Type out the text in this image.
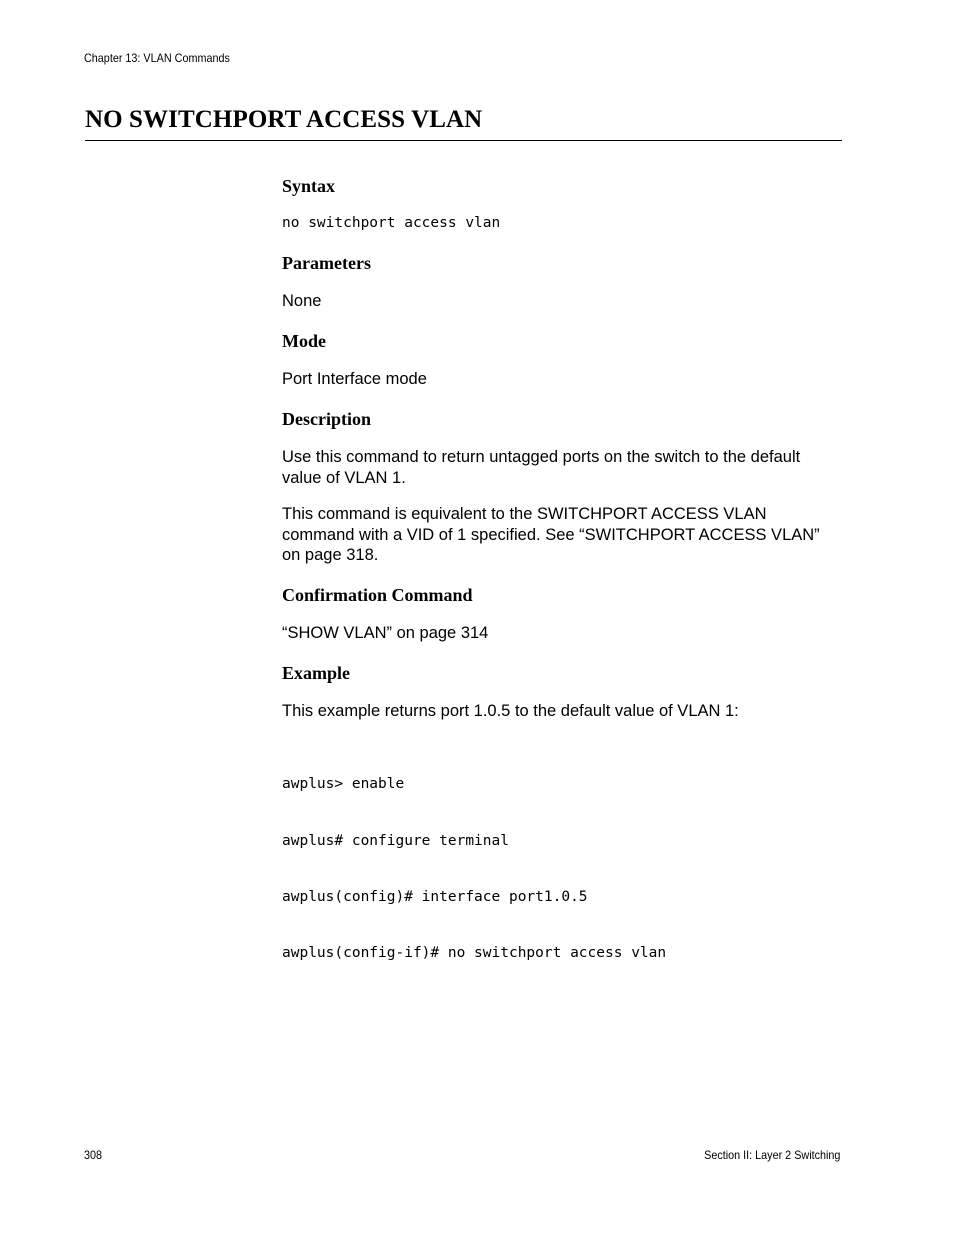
Chapter 13: VLAN Commands
NO SWITCHPORT ACCESS VLAN
Syntax
no switchport access vlan
Parameters
None
Mode
Port Interface mode
Description
Use this command to return untagged ports on the switch to the default value of VLAN 1.
This command is equivalent to the SWITCHPORT ACCESS VLAN
command with a VID of 1 specified. See “SWITCHPORT ACCESS VLAN”
on page 318.
Confirmation Command
“SHOW VLAN” on page 314
Example
This example returns port 1.0.5 to the default value of VLAN 1:

awplus> enable

awplus# configure terminal

awplus(config)# interface port1.0.5

awplus(config-if)# no switchport access vlan

308	Section II: Layer 2 Switching
